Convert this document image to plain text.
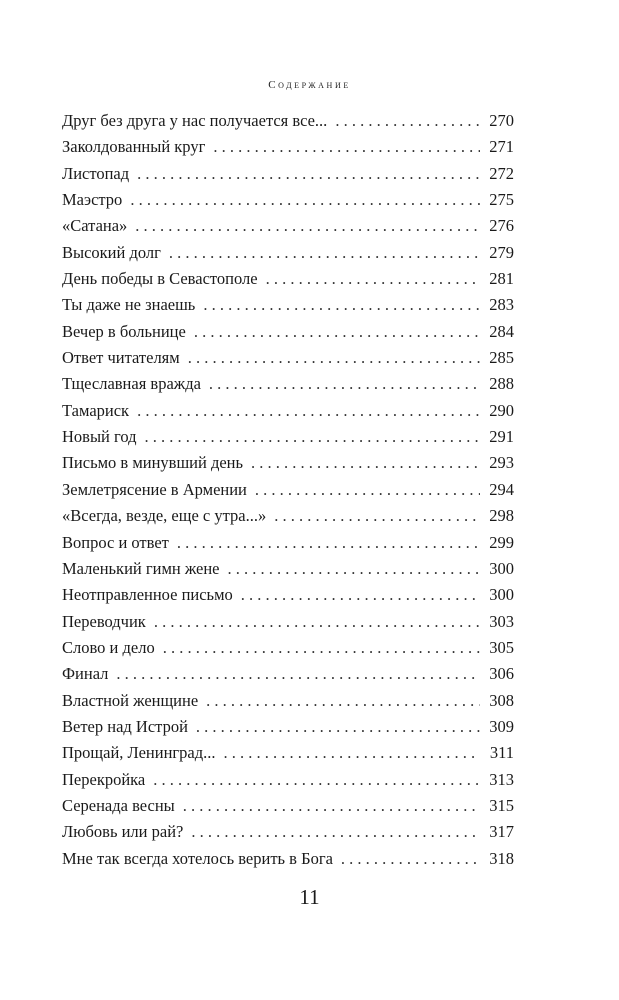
Содержание
Друг без друга у нас получается все... . . .	270
Заколдованный круг . . .	271
Листопад . . .	272
Маэстро . . .	275
«Сатана» . . .	276
Высокий долг . . .	279
День победы в Севастополе . . .	281
Ты даже не знаешь . . .	283
Вечер в больнице . . .	284
Ответ читателям . . .	285
Тщеславная вражда . . .	288
Тамариск . . .	290
Новый год . . .	291
Письмо в минувший день . . .	293
Землетрясение в Армении . . .	294
«Всегда, везде, еще с утра...» . . .	298
Вопрос и ответ . . .	299
Маленький гимн жене . . .	300
Неотправленное письмо . . .	300
Переводчик . . .	303
Слово и дело . . .	305
Финал . . .	306
Властной женщине . . .	308
Ветер над Истрой . . .	309
Прощай, Ленинград... . . .	311
Перекройка . . .	313
Серенада весны . . .	315
Любовь или рай? . . .	317
Мне так всегда хотелось верить в Бога . . .	318
11
